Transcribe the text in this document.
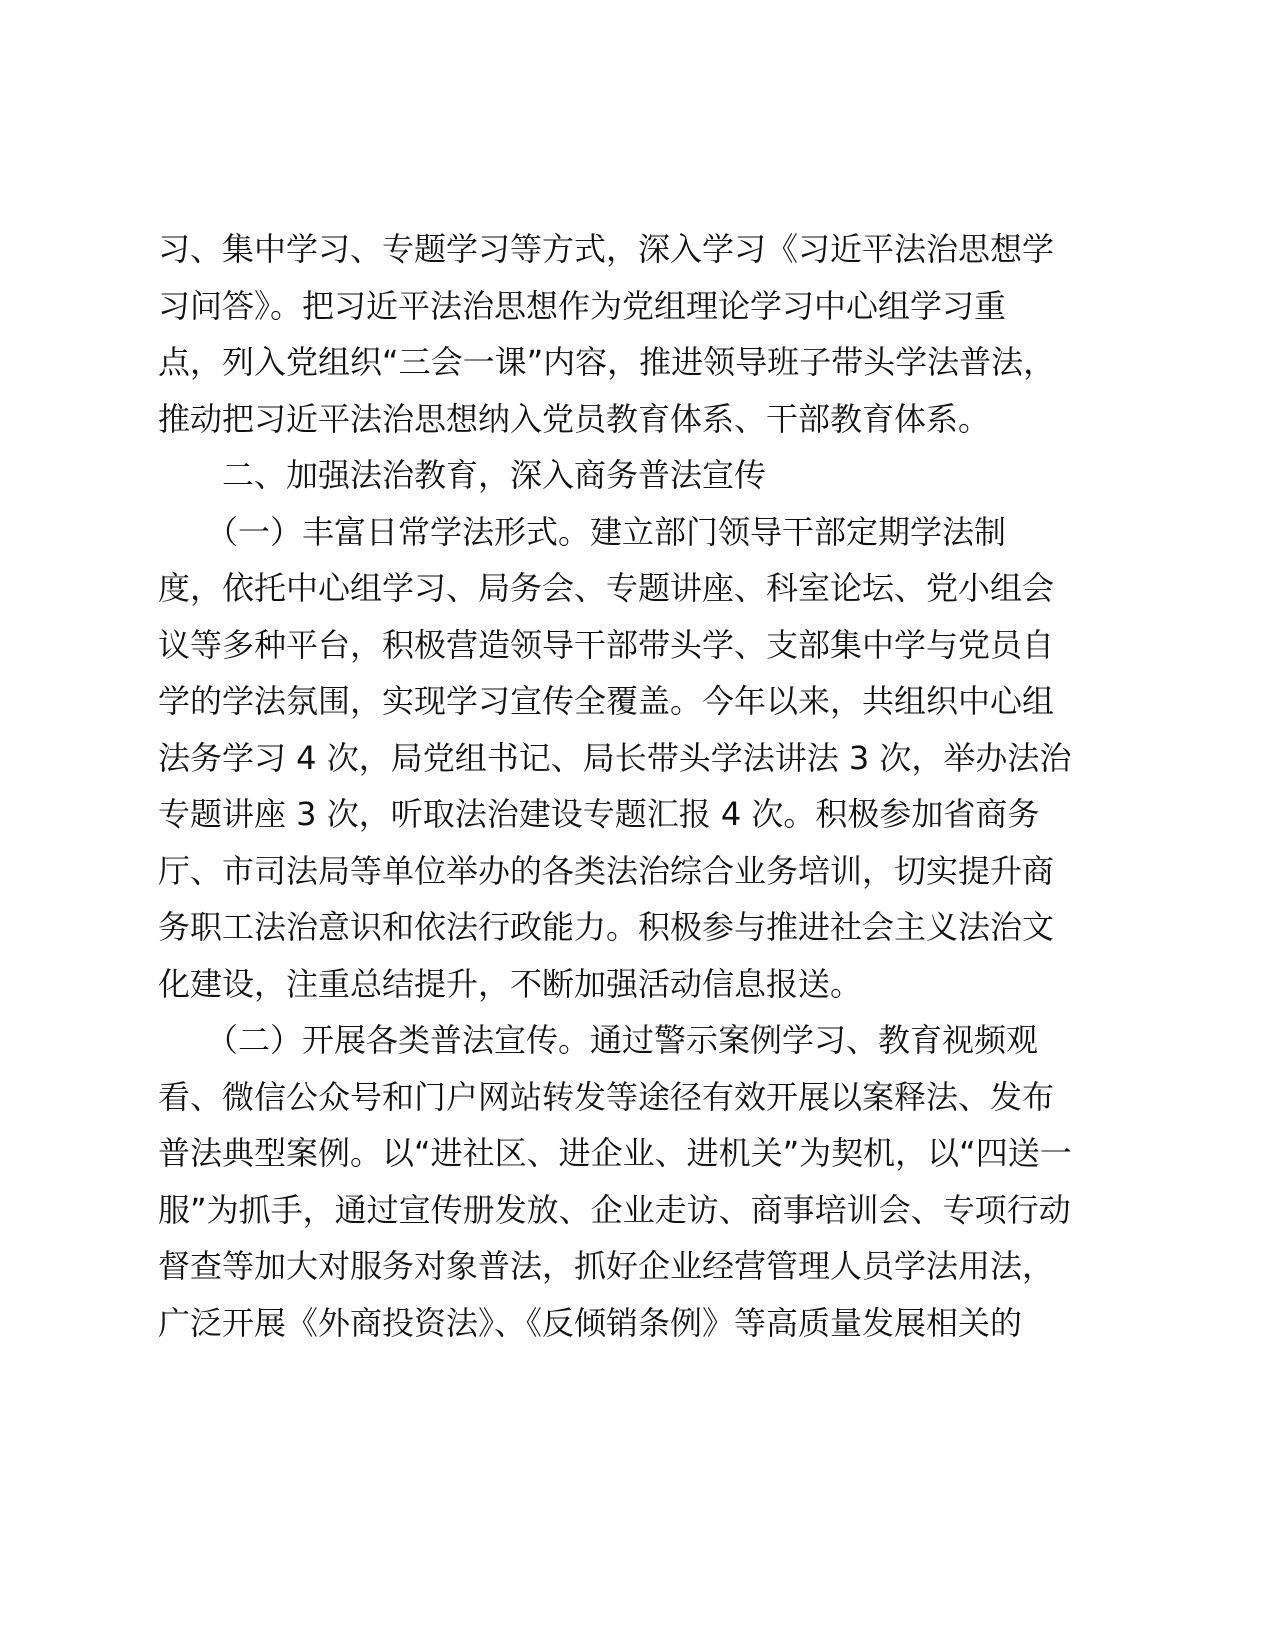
习、集中学习、专题学习等方式，深入学习《习近平法治思想学
习问答》。把习近平法治思想作为党组理论学习中心组学习重
点，列入党组织“三会一课”内容，推进领导班子带头学法普法，
推动把习近平法治思想纳入党员教育体系、干部教育体系。
　　二、加强法治教育，深入商务普法宣传
　　（一）丰富日常学法形式。建立部门领导干部定期学法制
度，依托中心组学习、局务会、专题讲座、科室论坛、党小组会
议等多种平台，积极营造领导干部带头学、支部集中学与党员自
学的学法氛围，实现学习宣传全覆盖。今年以来，共组织中心组
法务学习 4 次，局党组书记、局长带头学法讲法 3 次，举办法治
专题讲座 3 次，听取法治建设专题汇报 4 次。积极参加省商务
厅、市司法局等单位举办的各类法治综合业务培训，切实提升商
务职工法治意识和依法行政能力。积极参与推进社会主义法治文
化建设，注重总结提升，不断加强活动信息报送。
　　（二）开展各类普法宣传。通过警示案例学习、教育视频观
看、微信公众号和门户网站转发等途径有效开展以案释法、发布
普法典型案例。以“进社区、进企业、进机关”为契机，以“四送一
服”为抓手，通过宣传册发放、企业走访、商事培训会、专项行动
督查等加大对服务对象普法，抓好企业经营管理人员学法用法，
广泛开展《外商投资法》、《反倾销条例》等高质量发展相关的
